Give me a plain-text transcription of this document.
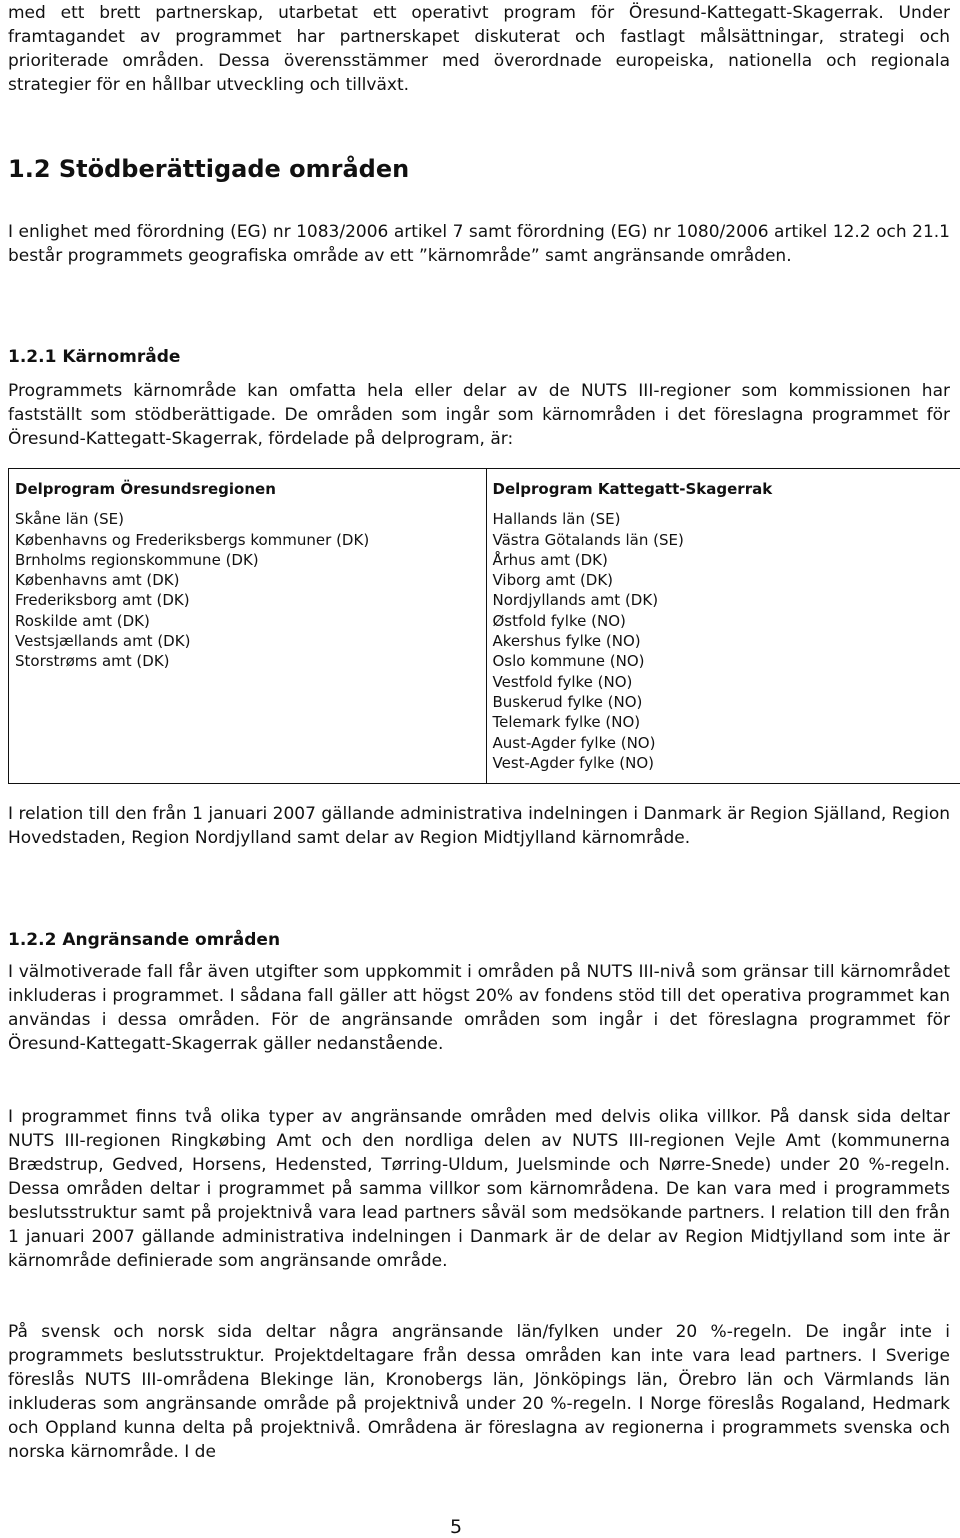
med ett brett partnerskap, utarbetat ett operativt program för Öresund-Kattegatt-Skagerrak. Under framtagandet av programmet har partnerskapet diskuterat och fastlagt målsättningar, strategi och prioriterade områden. Dessa överensstämmer med överordnade europeiska, nationella och regionala strategier för en hållbar utveckling och tillväxt.

1.2 Stödberättigade områden

I enlighet med förordning (EG) nr 1083/2006 artikel 7 samt förordning (EG) nr 1080/2006 artikel 12.2 och 21.1 består programmets geografiska område av ett ”kärnområde” samt angränsande områden.

1.2.1 Kärnområde

Programmets kärnområde kan omfatta hela eller delar av de NUTS III-regioner som kommissionen har fastställt som stödberättigade. De områden som ingår som kärnområden i det föreslagna programmet för Öresund-Kattegatt-Skagerrak, fördelade på delprogram, är:

Delprogram Öresundsregionen
Skåne län (SE)
Københavns og Frederiksbergs kommuner (DK)
Brnholms regionskommune (DK)
Københavns amt (DK)
Frederiksborg amt (DK)
Roskilde amt (DK)
Vestsjællands amt (DK)
Storstrøms amt (DK)

Delprogram Kattegatt-Skagerrak
Hallands län (SE)
Västra Götalands län (SE)
Århus amt (DK)
Viborg amt (DK)
Nordjyllands amt (DK)
Østfold fylke (NO)
Akershus fylke (NO)
Oslo kommune (NO)
Vestfold fylke (NO)
Buskerud fylke (NO)
Telemark fylke (NO)
Aust-Agder fylke (NO)
Vest-Agder fylke (NO)

I relation till den från 1 januari 2007 gällande administrativa indelningen i Danmark är Region Själland, Region Hovedstaden, Region Nordjylland samt delar av Region Midtjylland kärnområde.

1.2.2 Angränsande områden

I välmotiverade fall får även utgifter som uppkommit i områden på NUTS III-nivå som gränsar till kärnområdet inkluderas i programmet. I sådana fall gäller att högst 20% av fondens stöd till det operativa programmet kan användas i dessa områden. För de angränsande områden som ingår i det föreslagna programmet för Öresund-Kattegatt-Skagerrak gäller nedanstående.

I programmet finns två olika typer av angränsande områden med delvis olika villkor. På dansk sida deltar NUTS III-regionen Ringkøbing Amt och den nordliga delen av NUTS III-regionen Vejle Amt (kommunerna Brædstrup, Gedved, Horsens, Hedensted, Tørring-Uldum, Juelsminde och Nørre-Snede) under 20 %-regeln. Dessa områden deltar i programmet på samma villkor som kärnområdena. De kan vara med i programmets beslutsstruktur samt på projektnivå vara lead partners såväl som medsökande partners. I relation till den från 1 januari 2007 gällande administrativa indelningen i Danmark är de delar av Region Midtjylland som inte är kärnområde definierade som angränsande område.

På svensk och norsk sida deltar några angränsande län/fylken under 20 %-regeln. De ingår inte i programmets beslutsstruktur. Projektdeltagare från dessa områden kan inte vara lead partners. I Sverige föreslås NUTS III-områdena Blekinge län, Kronobergs län, Jönköpings län, Örebro län och Värmlands län inkluderas som angränsande område på projektnivå under 20 %-regeln. I Norge föreslås Rogaland, Hedmark och Oppland kunna delta på projektnivå. Områdena är föreslagna av regionerna i programmets svenska och norska kärnområde. I de

5
